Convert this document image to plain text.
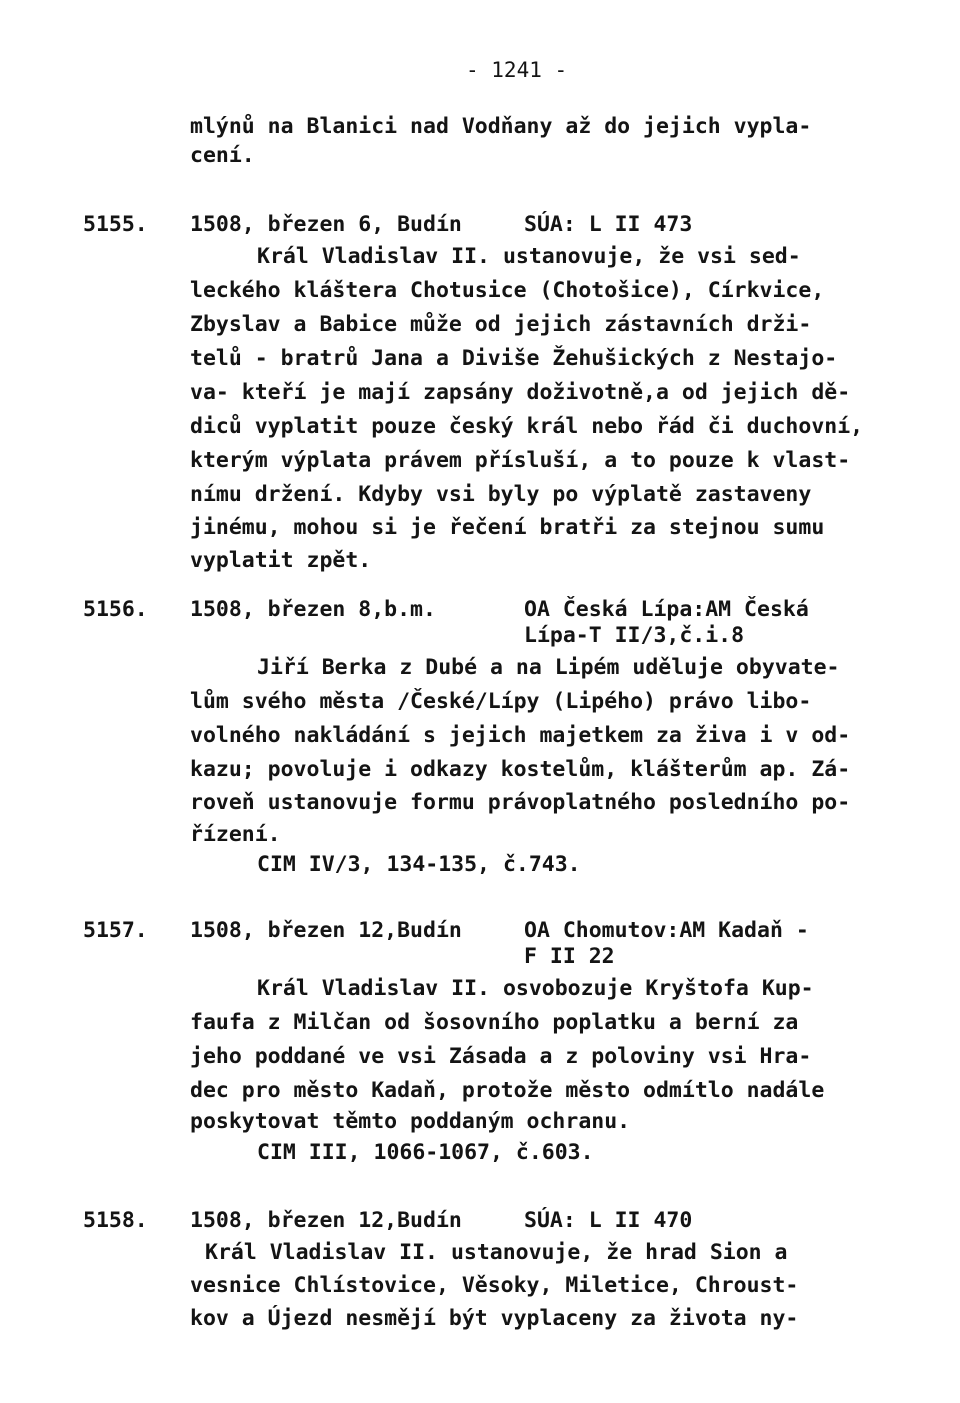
- 1241 -
mlýnů na Blanici nad Vodňany až do jejich vypla-
cení.
5155. 1508, březen 6, Budín	SÚA: L II 473
Král Vladislav II. ustanovuje, že vsi sed-
leckého kláštera Chotusice (Chotošice), Církvice,
Zbyslav a Babice může od jejich zástavních drži-
telů - bratrů Jana a Diviše Žehušických z Nestajo-
va- kteří je mají zapsány doživotně,a od jejich dě-
diců vyplatit pouze český král nebo řád či duchovní,
kterým výplata právem přísluší, a to pouze k vlast-
nímu držení. Kdyby vsi byly po výplatě zastaveny
jinému, mohou si je řečení bratři za stejnou sumu
vyplatit zpět.
5156. 1508, březen 8,b.m.	OA Česká Lípa:AM Česká
Lípa-T II/3,č.i.8
Jiří Berka z Dubé a na Lipém uděluje obyvate-
lům svého města /České/Lípy (Lipého) právo libo-
volného nakládání s jejich majetkem za živa i v od-
kazu; povoluje i odkazy kostelům, klášterům ap. Zá-
roveň ustanovuje formu právoplatného posledního po-
řízení.
CIM IV/3, 134-135, č.743.
5157. 1508, březen 12,Budín	OA Chomutov:AM Kadaň -
F II 22
Král Vladislav II. osvobozuje Kryštofa Kup-
faufa z Milčan od šosovního poplatku a berní za
jeho poddané ve vsi Zásada a z poloviny vsi Hra-
dec pro město Kadaň, protože město odmítlo nadále
poskytovat těmto poddaným ochranu.
CIM III, 1066-1067, č.603.
5158. 1508, březen 12,Budín	SÚA: L II 470
Král Vladislav II. ustanovuje, že hrad Sion a
vesnice Chlístovice, Věsoky, Miletice, Chroust-
kov a Újezd nesmějí být vyplaceny za života ny-
